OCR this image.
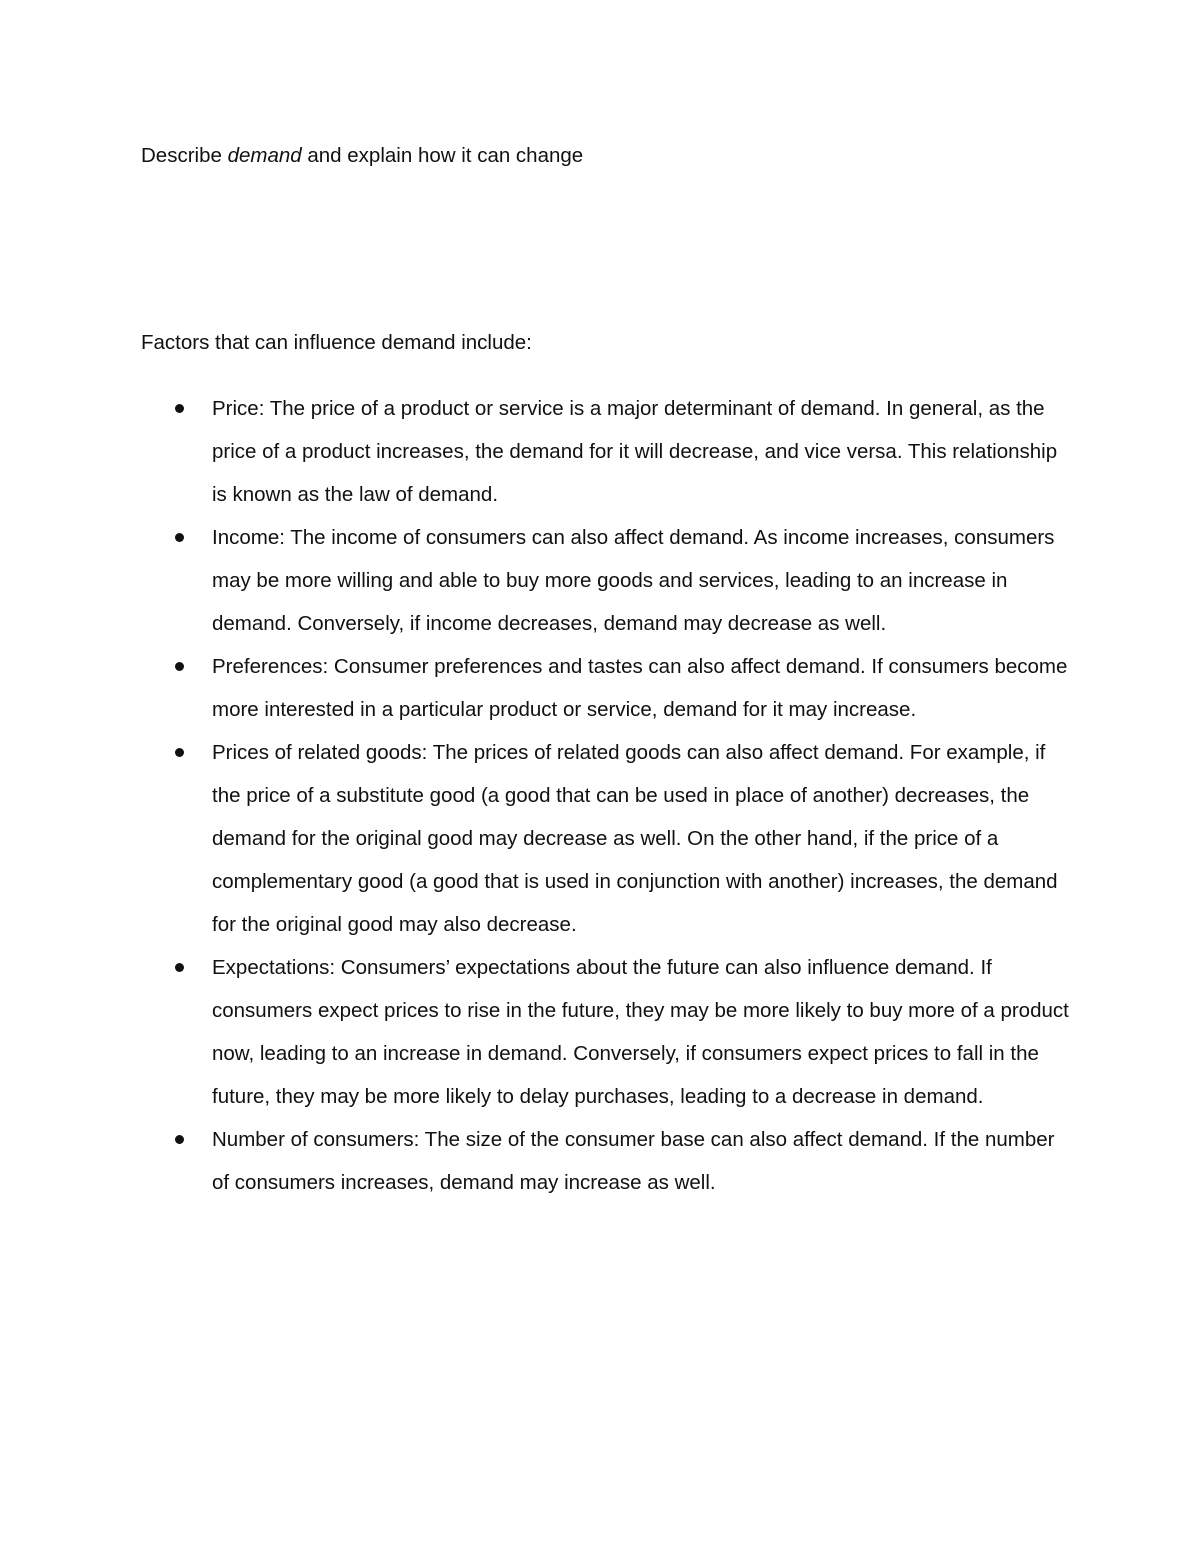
Describe demand and explain how it can change

Factors that can influence demand include:

Price: The price of a product or service is a major determinant of demand. In general, as the price of a product increases, the demand for it will decrease, and vice versa. This relationship is known as the law of demand.
Income: The income of consumers can also affect demand. As income increases, consumers may be more willing and able to buy more goods and services, leading to an increase in demand. Conversely, if income decreases, demand may decrease as well.
Preferences: Consumer preferences and tastes can also affect demand. If consumers become more interested in a particular product or service, demand for it may increase.
Prices of related goods: The prices of related goods can also affect demand. For example, if the price of a substitute good (a good that can be used in place of another) decreases, the demand for the original good may decrease as well. On the other hand, if the price of a complementary good (a good that is used in conjunction with another) increases, the demand for the original good may also decrease.
Expectations: Consumers’ expectations about the future can also influence demand. If consumers expect prices to rise in the future, they may be more likely to buy more of a product now, leading to an increase in demand. Conversely, if consumers expect prices to fall in the future, they may be more likely to delay purchases, leading to a decrease in demand.
Number of consumers: The size of the consumer base can also affect demand. If the number of consumers increases, demand may increase as well.
